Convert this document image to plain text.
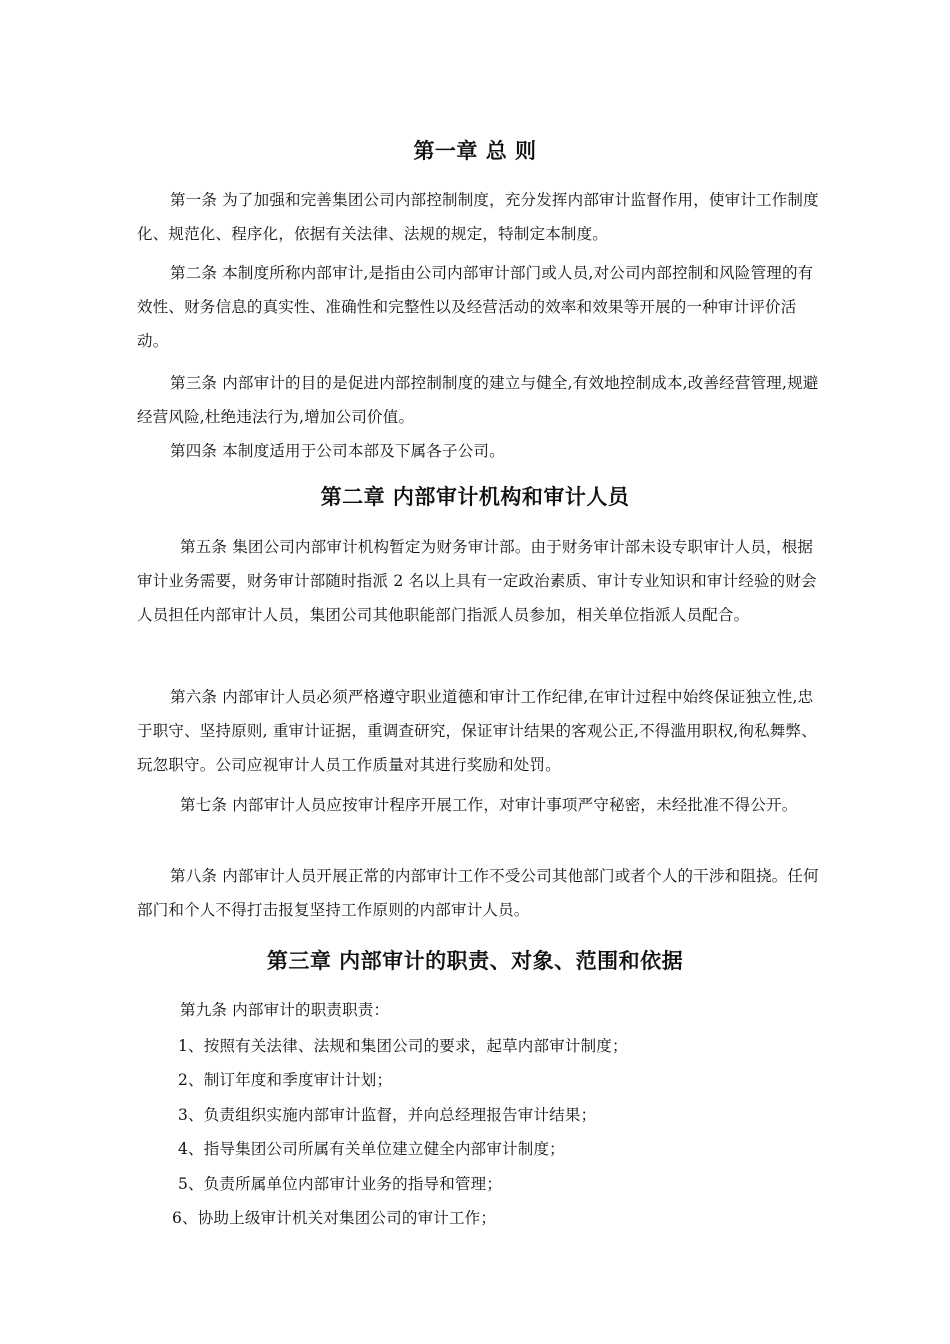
第一章 总 则
第一条 为了加强和完善集团公司内部控制制度，充分发挥内部审计监督作用，使审计工作制度化、规范化、程序化，依据有关法律、法规的规定，特制定本制度。
第二条 本制度所称内部审计,是指由公司内部审计部门或人员,对公司内部控制和风险管理的有效性、财务信息的真实性、准确性和完整性以及经营活动的效率和效果等开展的一种审计评价活动。
第三条 内部审计的目的是促进内部控制制度的建立与健全,有效地控制成本,改善经营管理,规避经营风险,杜绝违法行为,增加公司价值。
第四条 本制度适用于公司本部及下属各子公司。
第二章 内部审计机构和审计人员
第五条 集团公司内部审计机构暂定为财务审计部。由于财务审计部未设专职审计人员，根据审计业务需要，财务审计部随时指派 2 名以上具有一定政治素质、审计专业知识和审计经验的财会人员担任内部审计人员，集团公司其他职能部门指派人员参加，相关单位指派人员配合。
第六条 内部审计人员必须严格遵守职业道德和审计工作纪律,在审计过程中始终保证独立性,忠于职守、坚持原则, 重审计证据，重调查研究，保证审计结果的客观公正,不得滥用职权,徇私舞弊、玩忽职守。公司应视审计人员工作质量对其进行奖励和处罚。
第七条 内部审计人员应按审计程序开展工作，对审计事项严守秘密，未经批准不得公开。
第八条 内部审计人员开展正常的内部审计工作不受公司其他部门或者个人的干涉和阻挠。任何部门和个人不得打击报复坚持工作原则的内部审计人员。
第三章 内部审计的职责、对象、范围和依据
第九条 内部审计的职责职责：
1、按照有关法律、法规和集团公司的要求，起草内部审计制度；
2、制订年度和季度审计计划；
3、负责组织实施内部审计监督，并向总经理报告审计结果；
4、指导集团公司所属有关单位建立健全内部审计制度；
5、负责所属单位内部审计业务的指导和管理；
6、协助上级审计机关对集团公司的审计工作；
